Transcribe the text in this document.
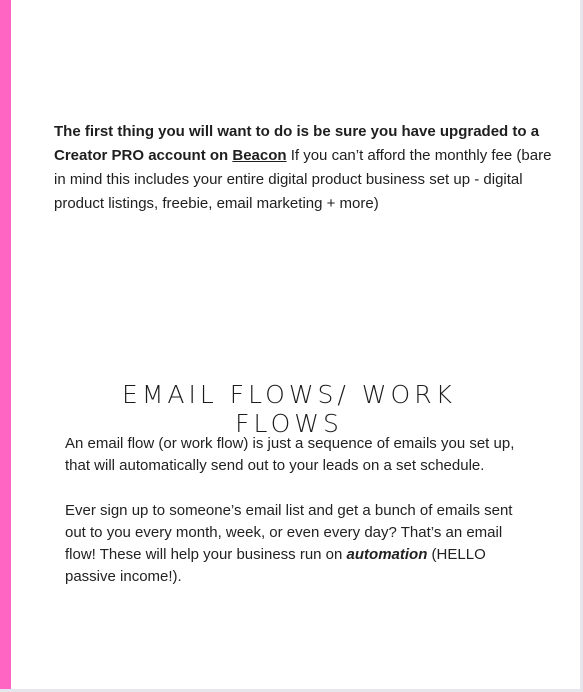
The first thing you will want to do is be sure you have upgraded to a Creator PRO account on Beacon If you can’t afford the monthly fee (bare in mind this includes your entire digital product business set up - digital product listings, freebie, email marketing + more)

EMAIL FLOWS/ WORK FLOWS

An email flow (or work flow) is just a sequence of emails you set up, that will automatically send out to your leads on a set schedule.

Ever sign up to someone’s email list and get a bunch of emails sent out to you every month, week, or even every day? That’s an email flow! These will help your business run on automation (HELLO passive income!).
